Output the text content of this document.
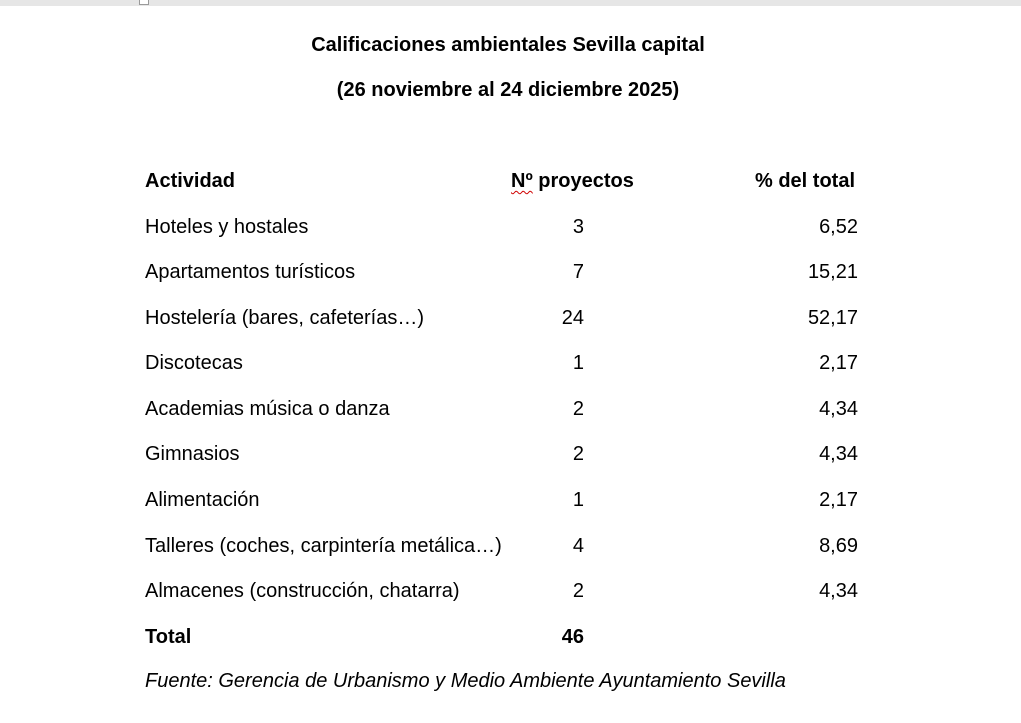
Calificaciones ambientales Sevilla capital
(26 noviembre al 24 diciembre 2025)
Actividad	Nº proyectos	% del total
Hoteles y hostales	3	6,52
Apartamentos turísticos	7	15,21
Hostelería (bares, cafeterías…)	24	52,17
Discotecas	1	2,17
Academias música o danza	2	4,34
Gimnasios	2	4,34
Alimentación	1	2,17
Talleres (coches, carpintería metálica…)	4	8,69
Almacenes (construcción, chatarra)	2	4,34
Total	46
Fuente: Gerencia de Urbanismo y Medio Ambiente Ayuntamiento Sevilla
